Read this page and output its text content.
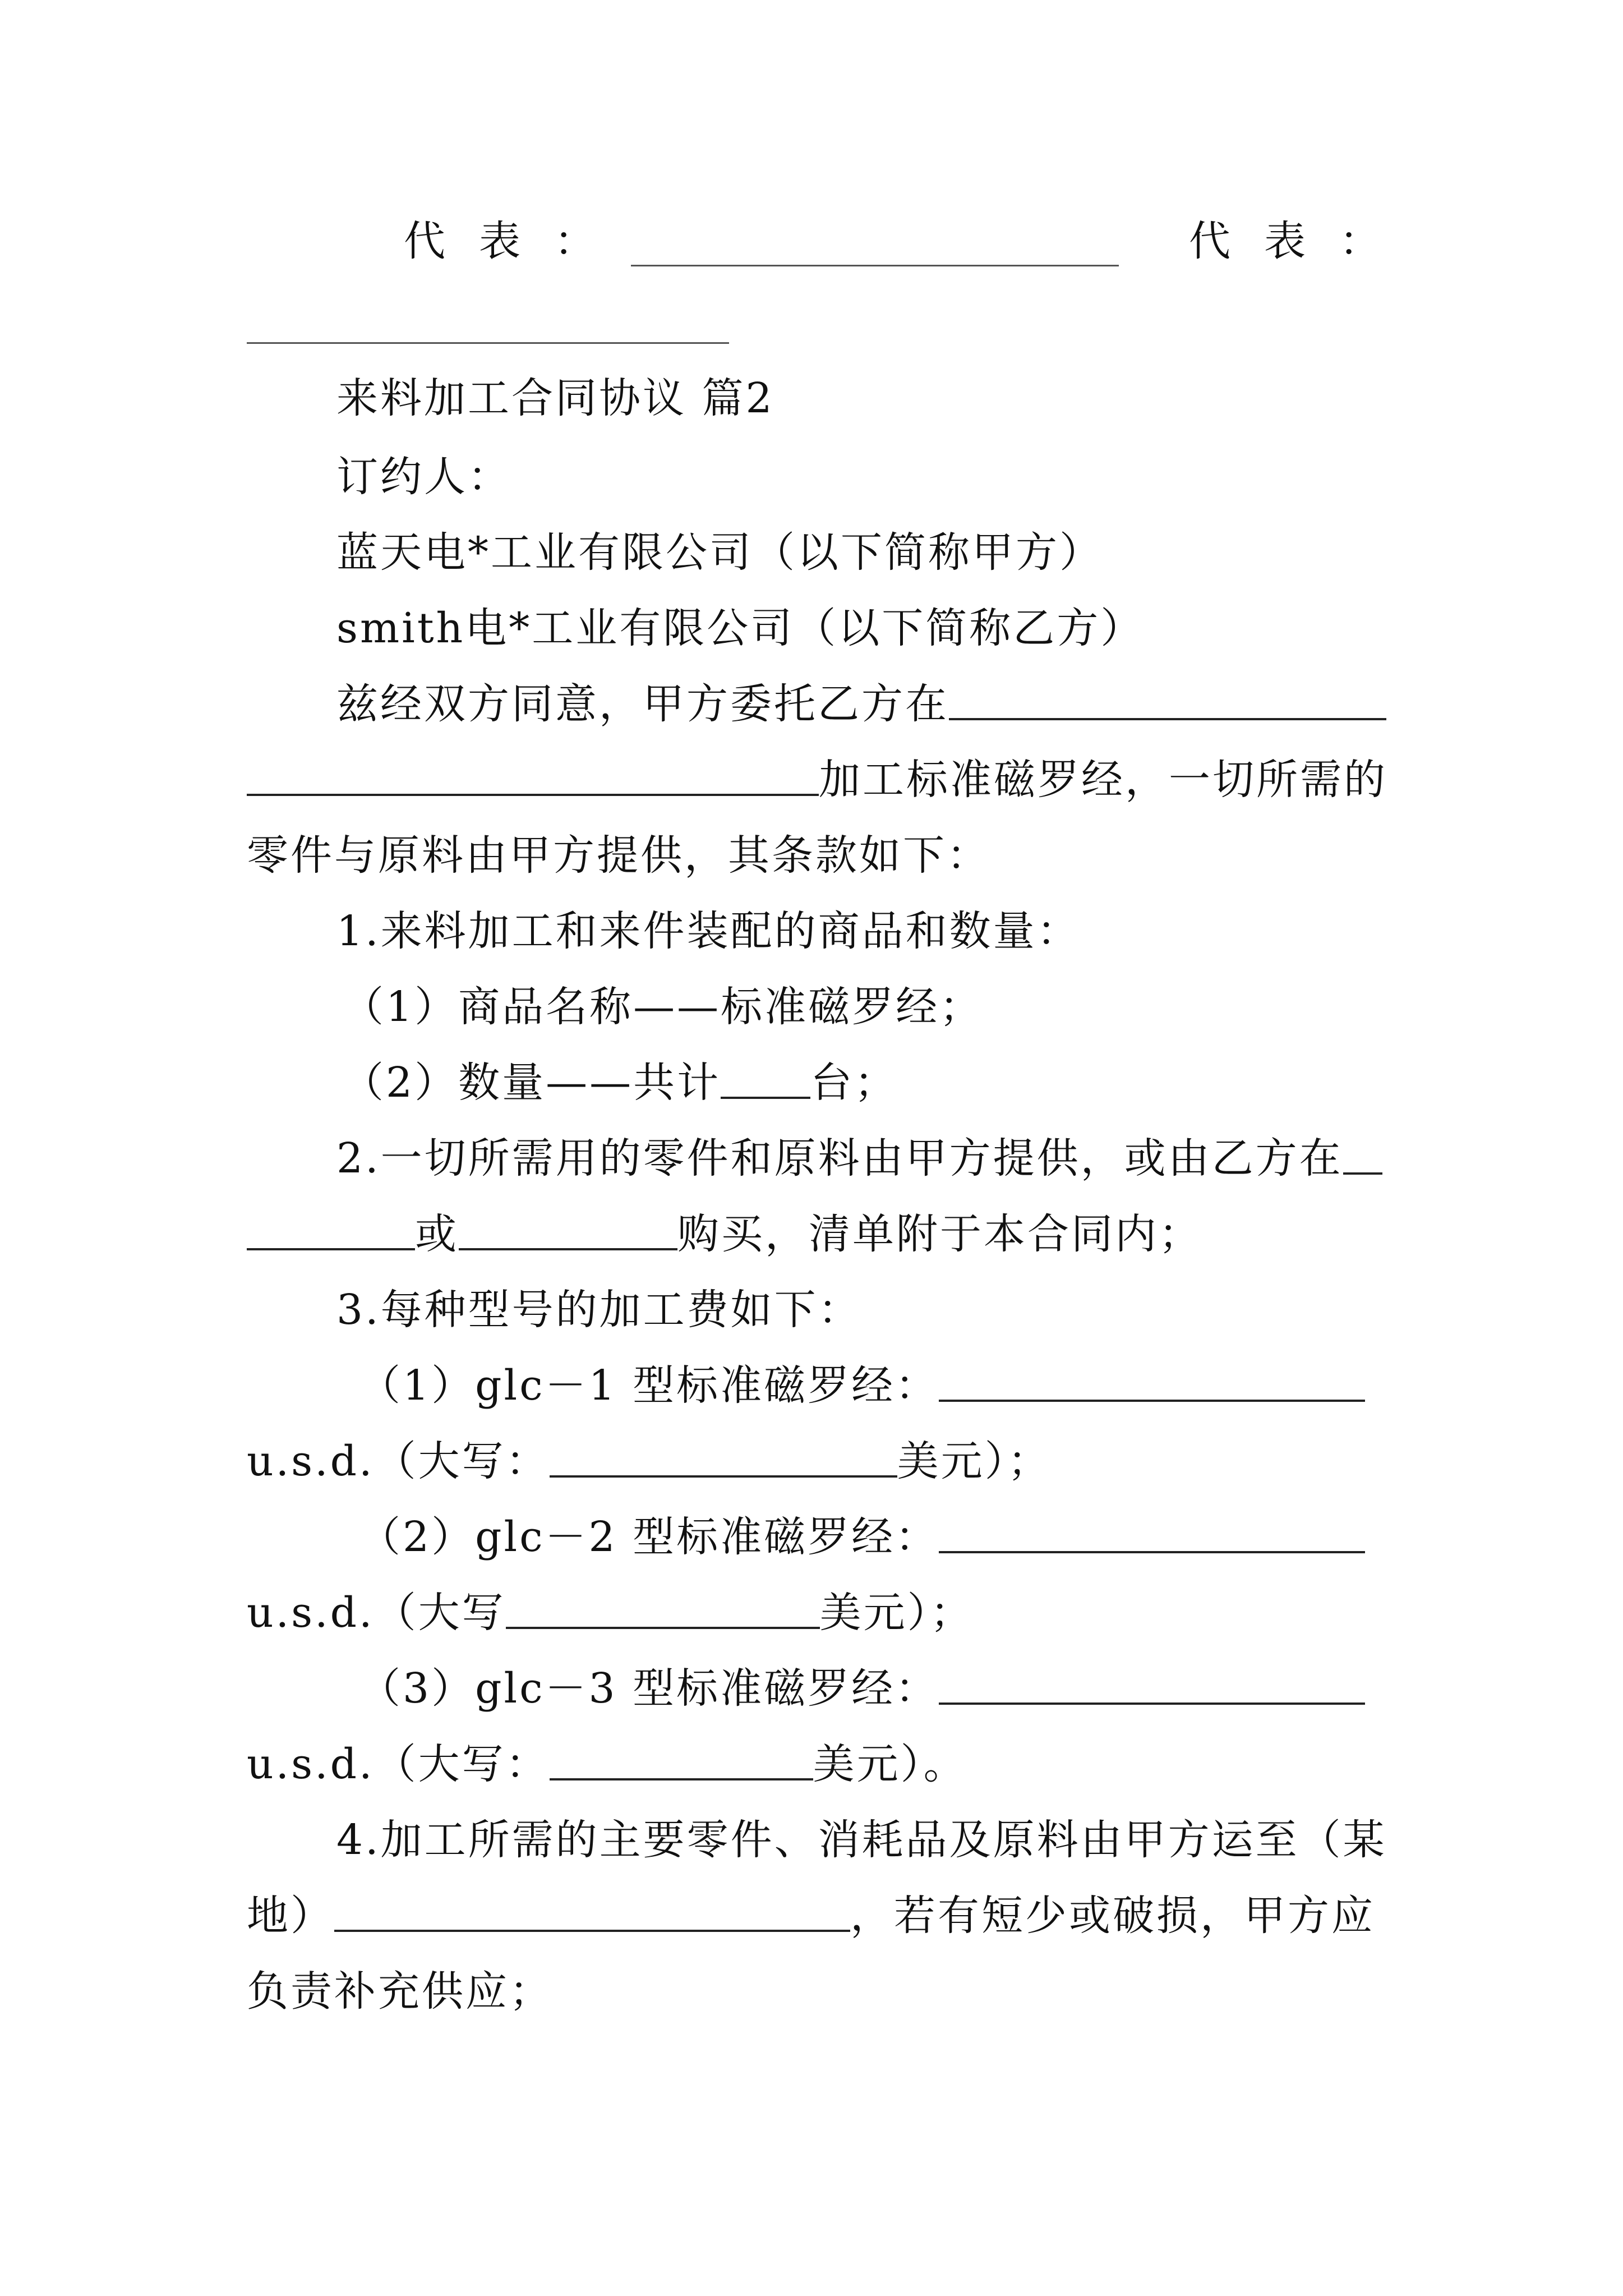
代表：	代表：
来料加工合同协议 篇2
订约人：
蓝天电*工业有限公司（以下简称甲方）
smith电*工业有限公司（以下简称乙方）
兹经双方同意，甲方委托乙方在
加工标准磁罗经，一切所需的
零件与原料由甲方提供，其条款如下：
1.来料加工和来件装配的商品和数量：
（1）商品名称——标准磁罗经；
（2）数量——共计 台；
2.一切所需用的零件和原料由甲方提供，或由乙方在
或	购买，清单附于本合同内；
3.每种型号的加工费如下：
（1）glc－1 型标准磁罗经：
u.s.d.（大写：	美元）；
（2）glc－2 型标准磁罗经：
u.s.d.（大写	美元）；
（3）glc－3 型标准磁罗经：
u.s.d.（大写：	美元）。
4.加工所需的主要零件、消耗品及原料由甲方运至（某
地）	，若有短少或破损，甲方应
负责补充供应；
